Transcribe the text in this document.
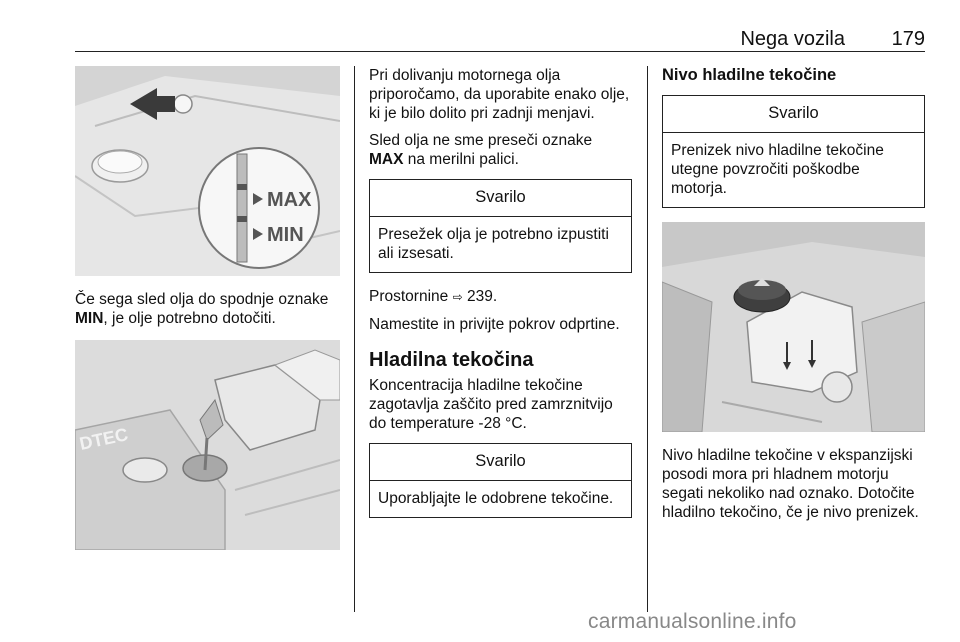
Nega vozila 179
MAX
MIN

Če sega sled olja do spodnje oznake
MIN, je olje potrebno dotočiti.

DTEC

Pri dolivanju motornega olja priporočamo, da uporabite enako olje, ki je bilo dolito pri zadnji menjavi.

Sled olja ne sme preseči oznake
MAX na merilni palici.

Svarilo
Presežek olja je potrebno izpustiti ali izsesati.

Prostornine ⇨ 239.

Namestite in privijte pokrov odprtine.

Hladilna tekočina

Koncentracija hladilne tekočine zagotavlja zaščito pred zamrznitvijo do temperature -28 °C.

Svarilo
Uporabljajte le odobrene tekočine.
Nivo hladilne tekočine
Svarilo
Prenizek nivo hladilne tekočine utegne povzročiti poškodbe motorja.

Nivo hladilne tekočine v ekspanzijski posodi mora pri hladnem motorju segati nekoliko nad oznako. Dotočite hladilno tekočino, če je nivo prenizek.

carmanualsonline.info
